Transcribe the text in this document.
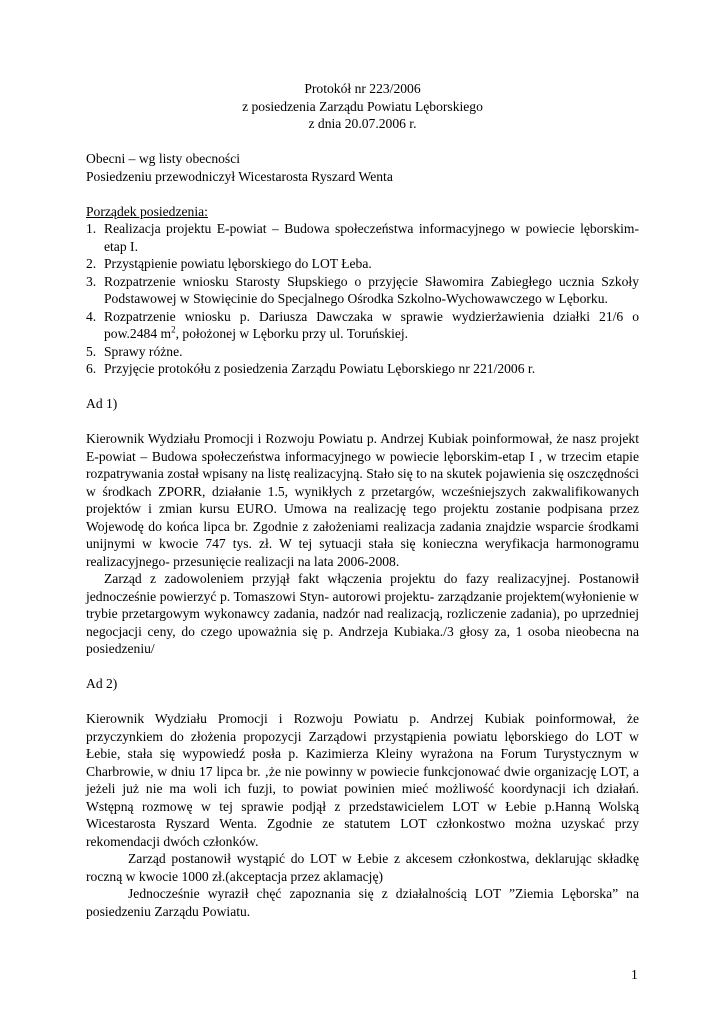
Protokół nr 223/2006

z posiedzenia Zarządu Powiatu Lęborskiego

z dnia 20.07.2006 r.

Obecni – wg listy obecności

Posiedzeniu przewodniczył Wicestarosta Ryszard Wenta

Porządek posiedzenia:

1. Realizacja projektu E-powiat – Budowa społeczeństwa informacyjnego w powiecie lęborskim-etap I.
2. Przystąpienie powiatu lęborskiego do LOT Łeba.
3. Rozpatrzenie wniosku Starosty Słupskiego o przyjęcie Sławomira Zabiegłego ucznia Szkoły Podstawowej w Stowięcinie do Specjalnego Ośrodka Szkolno-Wychowawczego w Lęborku.
4. Rozpatrzenie wniosku p. Dariusza Dawczaka w sprawie wydzierżawienia działki 21/6 o pow.2484 $m^2$, położonej w Lęborku przy ul. Toruńskiej.
5. Sprawy różne.
6. Przyjęcie protokółu z posiedzenia Zarządu Powiatu Lęborskiego nr 221/2006 r.

Ad 1)

Kierownik Wydziału Promocji i Rozwoju Powiatu p. Andrzej Kubiak poinformował, że nasz projekt E-powiat – Budowa społeczeństwa informacyjnego w powiecie lęborskim-etap I , w trzecim etapie rozpatrywania został wpisany na listę realizacyjną. Stało się to na skutek pojawienia się oszczędności w środkach ZPORR, działanie 1.5, wynikłych z przetargów, wcześniejszych zakwalifikowanych projektów i zmian kursu EURO. Umowa na realizację tego projektu zostanie podpisana przez Wojewodę do końca lipca br. Zgodnie z założeniami realizacja zadania znajdzie wsparcie środkami unijnymi w kwocie 747 tys. zł. W tej sytuacji stała się konieczna weryfikacja harmonogramu realizacyjnego- przesunięcie realizacji na lata 2006-2008.

Zarząd z zadowoleniem przyjął fakt włączenia projektu do fazy realizacyjnej. Postanowił jednocześnie powierzyć p. Tomaszowi Styn- autorowi projektu- zarządzanie projektem(wyłonienie w trybie przetargowym wykonawcy zadania, nadzór nad realizacją, rozliczenie zadania), po uprzedniej negocjacji ceny, do czego upoważnia się p. Andrzeja Kubiaka./3 głosy za, 1 osoba nieobecna na posiedzeniu/

Ad 2)

Kierownik Wydziału Promocji i Rozwoju Powiatu p. Andrzej Kubiak poinformował, że przyczynkiem do złożenia propozycji Zarządowi przystąpienia powiatu lęborskiego do LOT w Łebie, stała się wypowiedź posła p. Kazimierza Kleiny wyrażona na Forum Turystycznym w Charbrowie, w dniu 17 lipca br. ‚że nie powinny w powiecie funkcjonować dwie organizację LOT, a jeżeli już nie ma woli ich fuzji, to powiat powinien mieć możliwość koordynacji ich działań. Wstępną rozmowę w tej sprawie podjął z przedstawicielem LOT w Łebie p.Hanną Wolską Wicestarosta Ryszard Wenta. Zgodnie ze statutem LOT członkostwo można uzyskać przy rekomendacji dwóch członków.

Zarząd postanowił wystąpić do LOT w Łebie z akcesem członkostwa, deklarując składkę roczną w kwocie 1000 zł.(akceptacja przez aklamację)

Jednocześnie wyraził chęć zapoznania się z działalnością LOT ”Ziemia Lęborska” na posiedzeniu Zarządu Powiatu.

1
